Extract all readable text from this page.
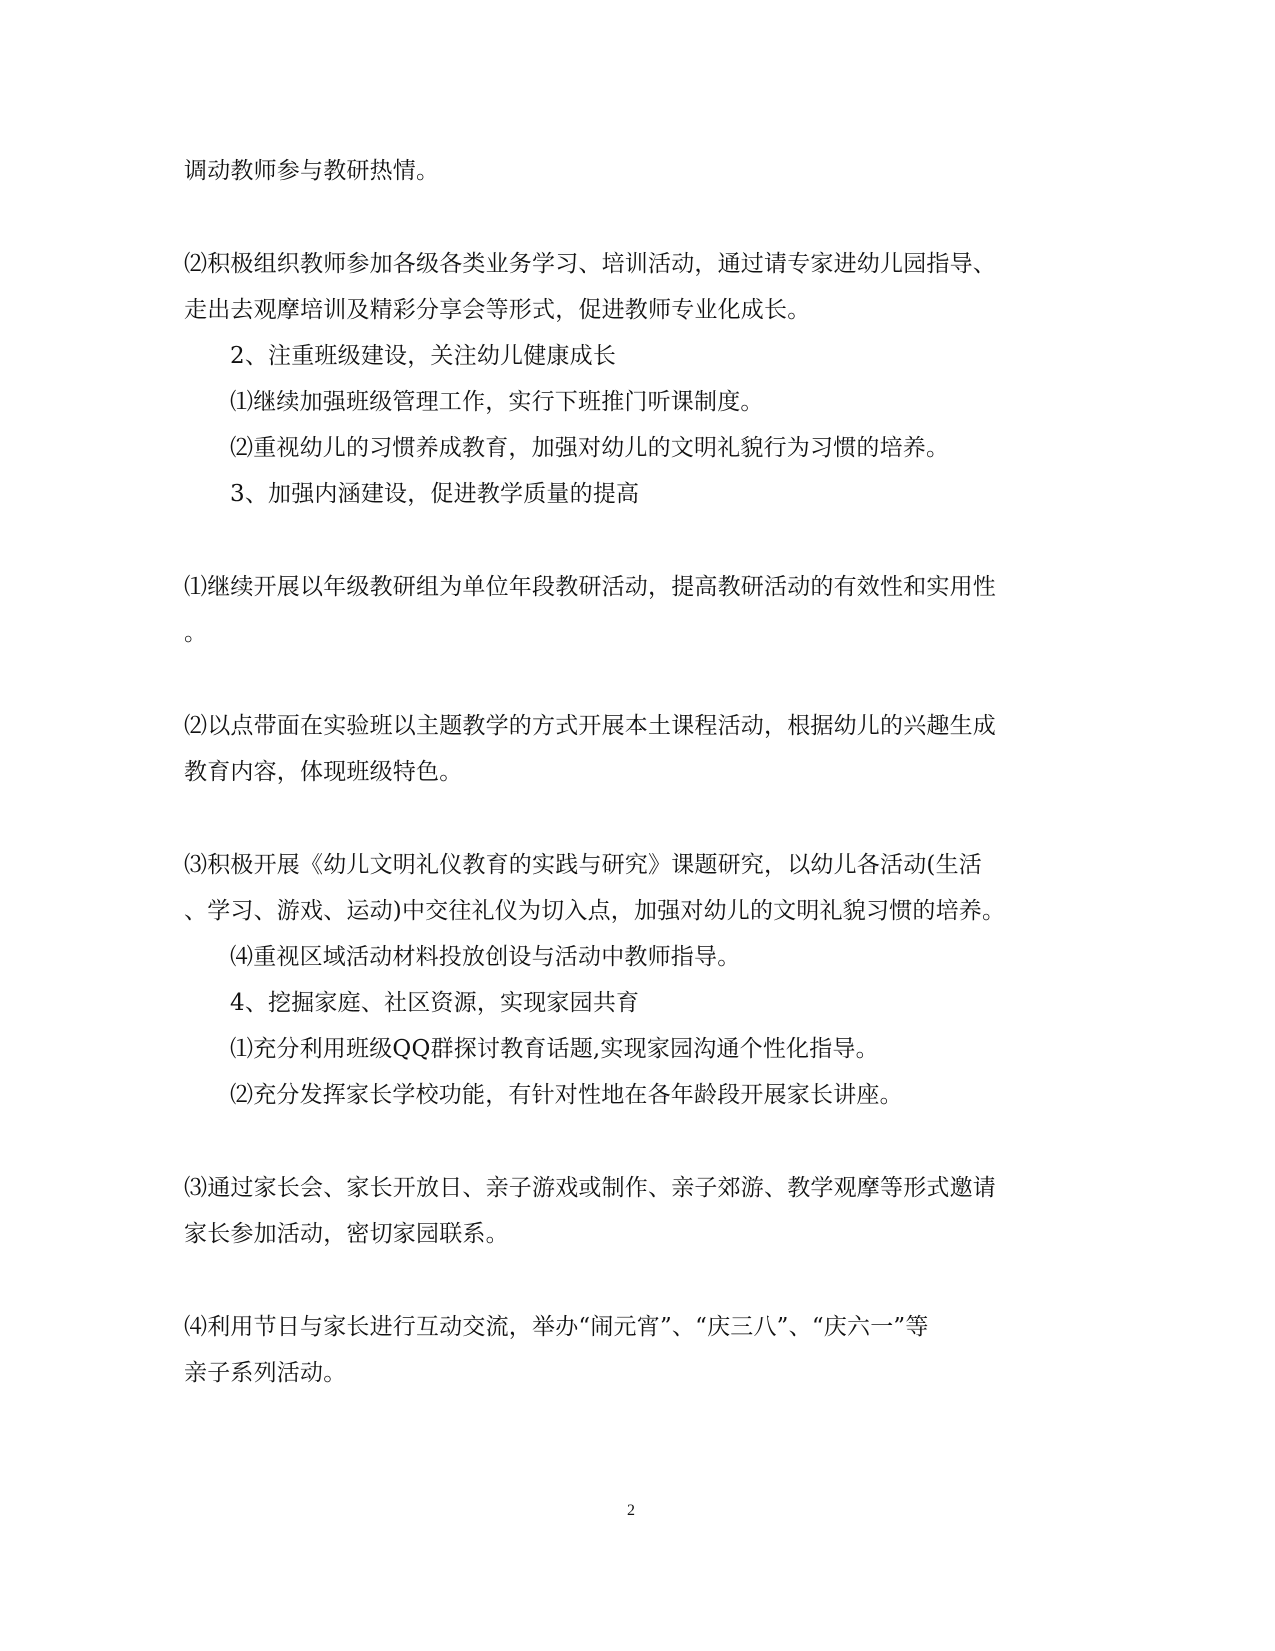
调动教师参与教研热情。
⑵积极组织教师参加各级各类业务学习、培训活动，通过请专家进幼儿园指导、
走出去观摩培训及精彩分享会等形式，促进教师专业化成长。
2、注重班级建设，关注幼儿健康成长
⑴继续加强班级管理工作，实行下班推门听课制度。
⑵重视幼儿的习惯养成教育，加强对幼儿的文明礼貌行为习惯的培养。
3、加强内涵建设，促进教学质量的提高
⑴继续开展以年级教研组为单位年段教研活动，提高教研活动的有效性和实用性
。
⑵以点带面在实验班以主题教学的方式开展本土课程活动，根据幼儿的兴趣生成
教育内容，体现班级特色。
⑶积极开展《幼儿文明礼仪教育的实践与研究》课题研究，以幼儿各活动(生活
、学习、游戏、运动)中交往礼仪为切入点，加强对幼儿的文明礼貌习惯的培养。
⑷重视区域活动材料投放创设与活动中教师指导。
4、挖掘家庭、社区资源，实现家园共育
⑴充分利用班级QQ群探讨教育话题,实现家园沟通个性化指导。
⑵充分发挥家长学校功能，有针对性地在各年龄段开展家长讲座。
⑶通过家长会、家长开放日、亲子游戏或制作、亲子郊游、教学观摩等形式邀请
家长参加活动，密切家园联系。
⑷利用节日与家长进行互动交流，举办“闹元宵”、“庆三八”、“庆六一”等
亲子系列活动。
2
